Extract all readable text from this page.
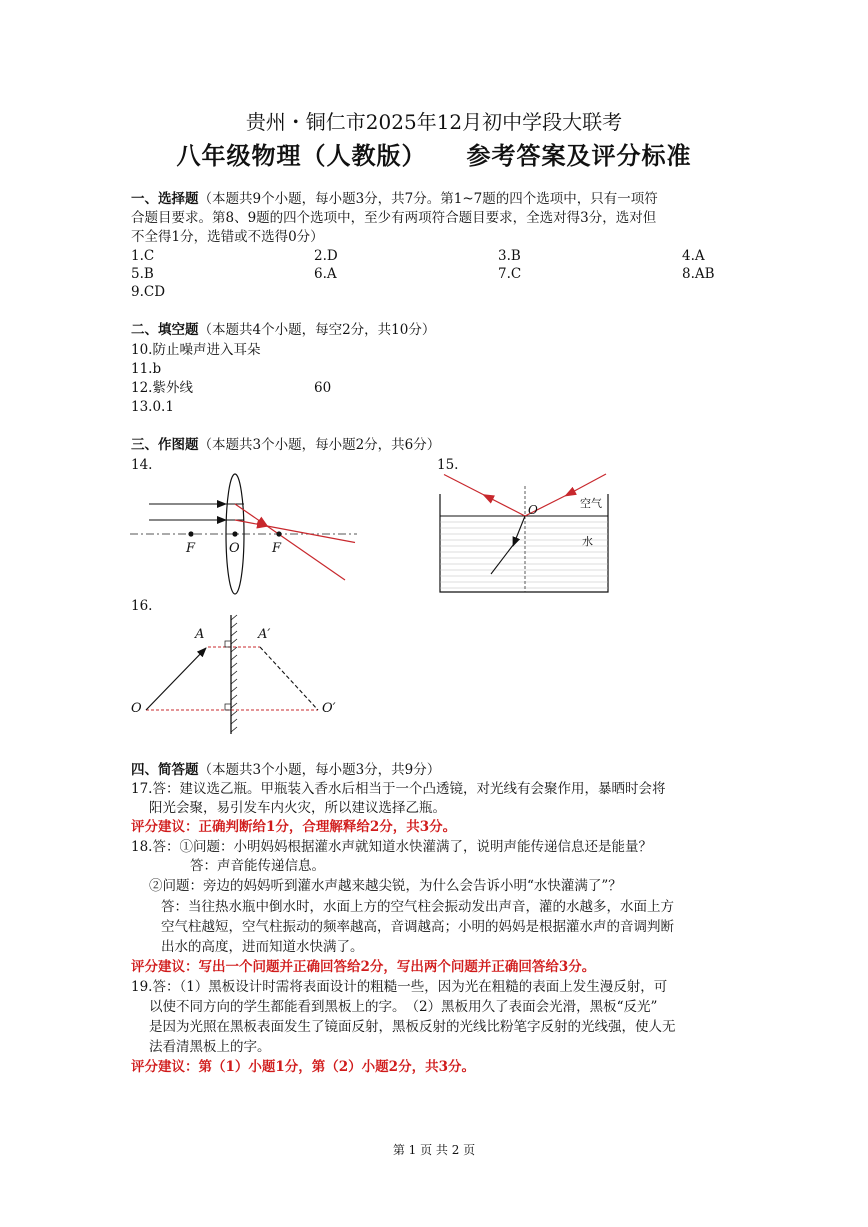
贵州・铜仁市2025年12月初中学段大联考
八年级物理（人教版） 参考答案及评分标准
一、选择题（本题共9个小题，每小题3分，共7分。第1~7题的四个选项中，只有一项符
合题目要求。第8、9题的四个选项中，至少有两项符合题目要求，全选对得3分，选对但
不全得1分，选错或不选得0分）
1.C	2.D	3.B	4.A
5.B	6.A	7.C	8.AB
9.CD
二、填空题（本题共4个小题，每空2分，共10分）
10.防止噪声进入耳朵
11.b
12.紫外线	60
13.0.1
三、作图题（本题共3个小题，每小题2分，共6分）
14.	15.
F	O F
O	空气
水
16.
A	A′
O	O′
四、简答题（本题共3个小题，每小题3分，共9分）
17.答：建议选乙瓶。甲瓶装入香水后相当于一个凸透镜，对光线有会聚作用，暴晒时会将
阳光会聚，易引发车内火灾，所以建议选择乙瓶。
评分建议：正确判断给1分，合理解释给2分，共3分。
18.答：①问题：小明妈妈根据灌水声就知道水快灌满了，说明声能传递信息还是能量？
答：声音能传递信息。
②问题：旁边的妈妈听到灌水声越来越尖锐，为什么会告诉小明“水快灌满了”？
答：当往热水瓶中倒水时，水面上方的空气柱会振动发出声音，灌的水越多，水面上方
空气柱越短，空气柱振动的频率越高，音调越高；小明的妈妈是根据灌水声的音调判断
出水的高度，进而知道水快满了。
评分建议：写出一个问题并正确回答给2分，写出两个问题并正确回答给3分。
19.答：（1）黑板设计时需将表面设计的粗糙一些，因为光在粗糙的表面上发生漫反射，可
以使不同方向的学生都能看到黑板上的字。　（2）黑板用久了表面会光滑，黑板“反光”
是因为光照在黑板表面发生了镜面反射，黑板反射的光线比粉笔字反射的光线强，使人无
法看清黑板上的字。
评分建议：第（1）小题1分，第（2）小题2分，共3分。
第 1 页 共 2 页
